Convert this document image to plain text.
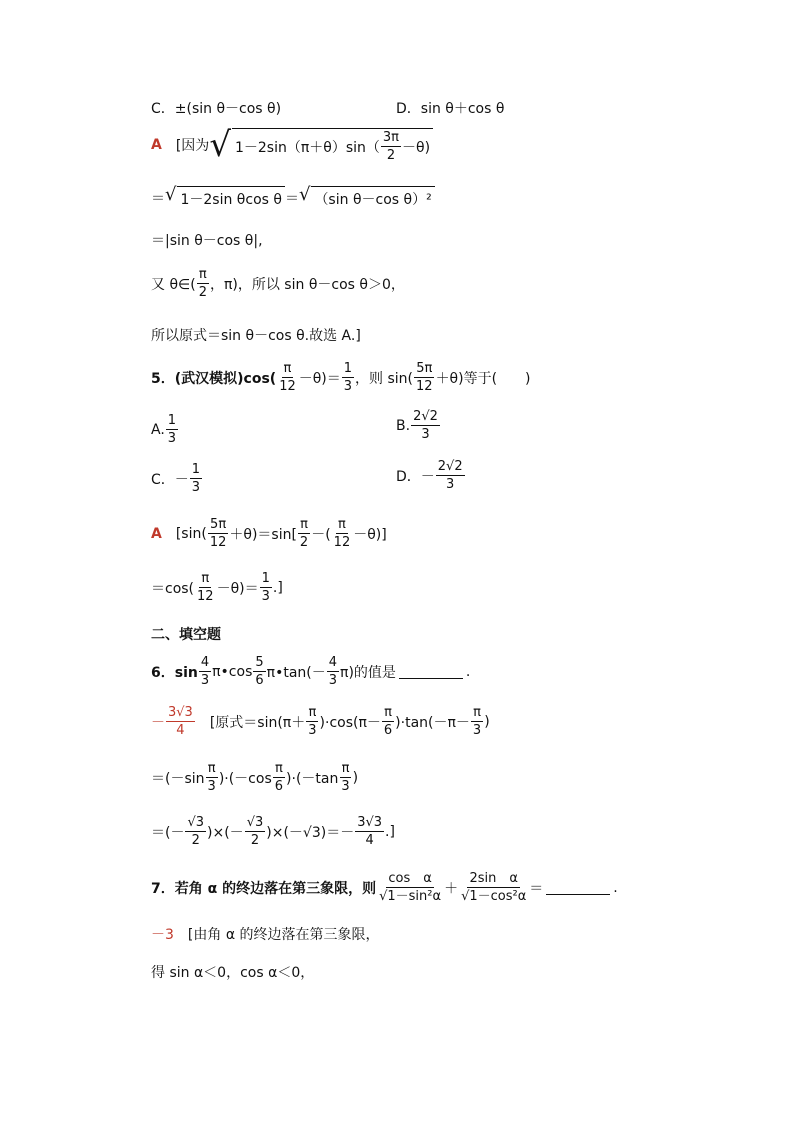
C．±(sin θ－cos θ)	D．sin θ＋cos θ
A [因为 √ $1-2\sin(\pi+\theta)\sin( \frac{3\pi}{2} -\theta)$
＝ √ 1－2sin θcos θ ＝ √ （sin θ－cos θ）²
＝|sin θ－cos θ|,
又 θ∈( $\frac{\pi}{2}$ ，π)，所以 sin θ－cos θ＞0，
所以原式＝sin θ－cos θ.故选 A.]
5．(武汉模拟)$\cos( \frac{\pi}{12} -\theta)= \frac{1}{3}$ ，则 $\sin( \frac{5\pi}{12} +\theta)$等于(　　)
A. $\frac{1}{3}$	B. $\frac{2√2}{3}$
C．－ $\frac{1}{3}$	D．－ $\frac{2√2}{3}$
A [$\sin( \frac{5\pi}{12} +\theta)=\sin[ \frac{\pi}{2}$ －( $\frac{\pi}{12} -\theta$)]
$=\cos( \frac{\pi}{12} -\theta)= \frac{1}{3}$ .]
二、填空题
6．$\sin \frac{4}{3}$ π•cos $\frac{5}{6}$ π•tan(－ $\frac{4}{3} \pi$)的值是	.
－ $\frac{3√3}{4}$ [原式$=\sin(\pi+ \frac{\pi}{3} )\cdot\cos(\pi- \frac{\pi}{6} )\cdot\tan(-\pi- \frac{\pi}{3}$ )
$=(-\sin \frac{\pi}{3} )\cdot(-\cos \frac{\pi}{6} )\cdot(-\tan \frac{\pi}{3}$ )
＝(－ $\frac{√3}{2}$ )×(－ $\frac{√3}{2} )\times(-√3)=- \frac{3√3}{4}$ .]
7．若角 α 的终边落在第三象限，则 $\frac{\text{cos　α}}{\text{√1－sin²α}} + \frac{\text{2sin　α}}{\text{√1－cos²α}}$ ＝	.
－3 [由角 α 的终边落在第三象限，
得 sin α＜0，cos α＜0，
